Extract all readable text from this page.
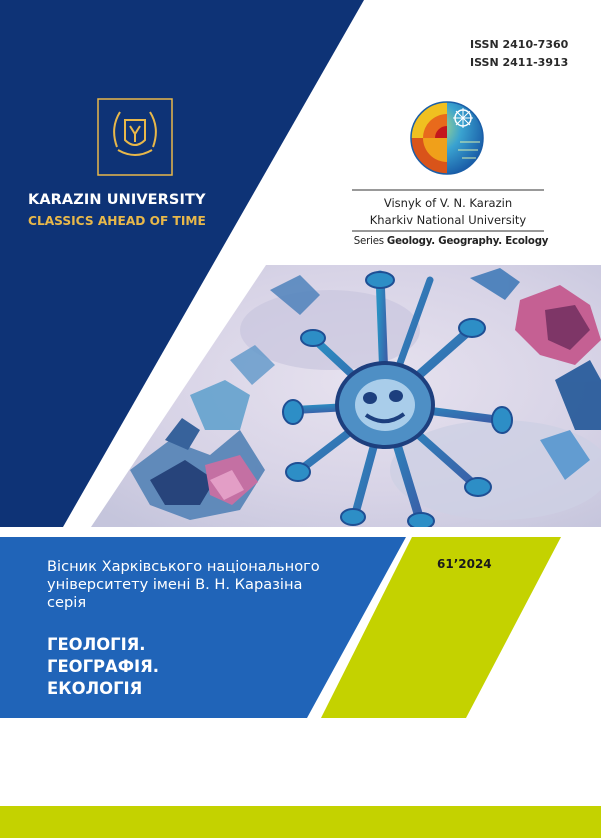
KARAZIN UNIVERSITY
CLASSICS AHEAD OF TIME
ISSN 2410-7360
ISSN 2411-3913
Visnyk of V. N. Karazin
Kharkiv National University
Series Geology. Geography. Ecology
Вісник Харківського національного
університету імені В. Н. Каразіна
серія
ГЕОЛОГІЯ.
ГЕОГРАФІЯ.
ЕКОЛОГІЯ
61’2024
